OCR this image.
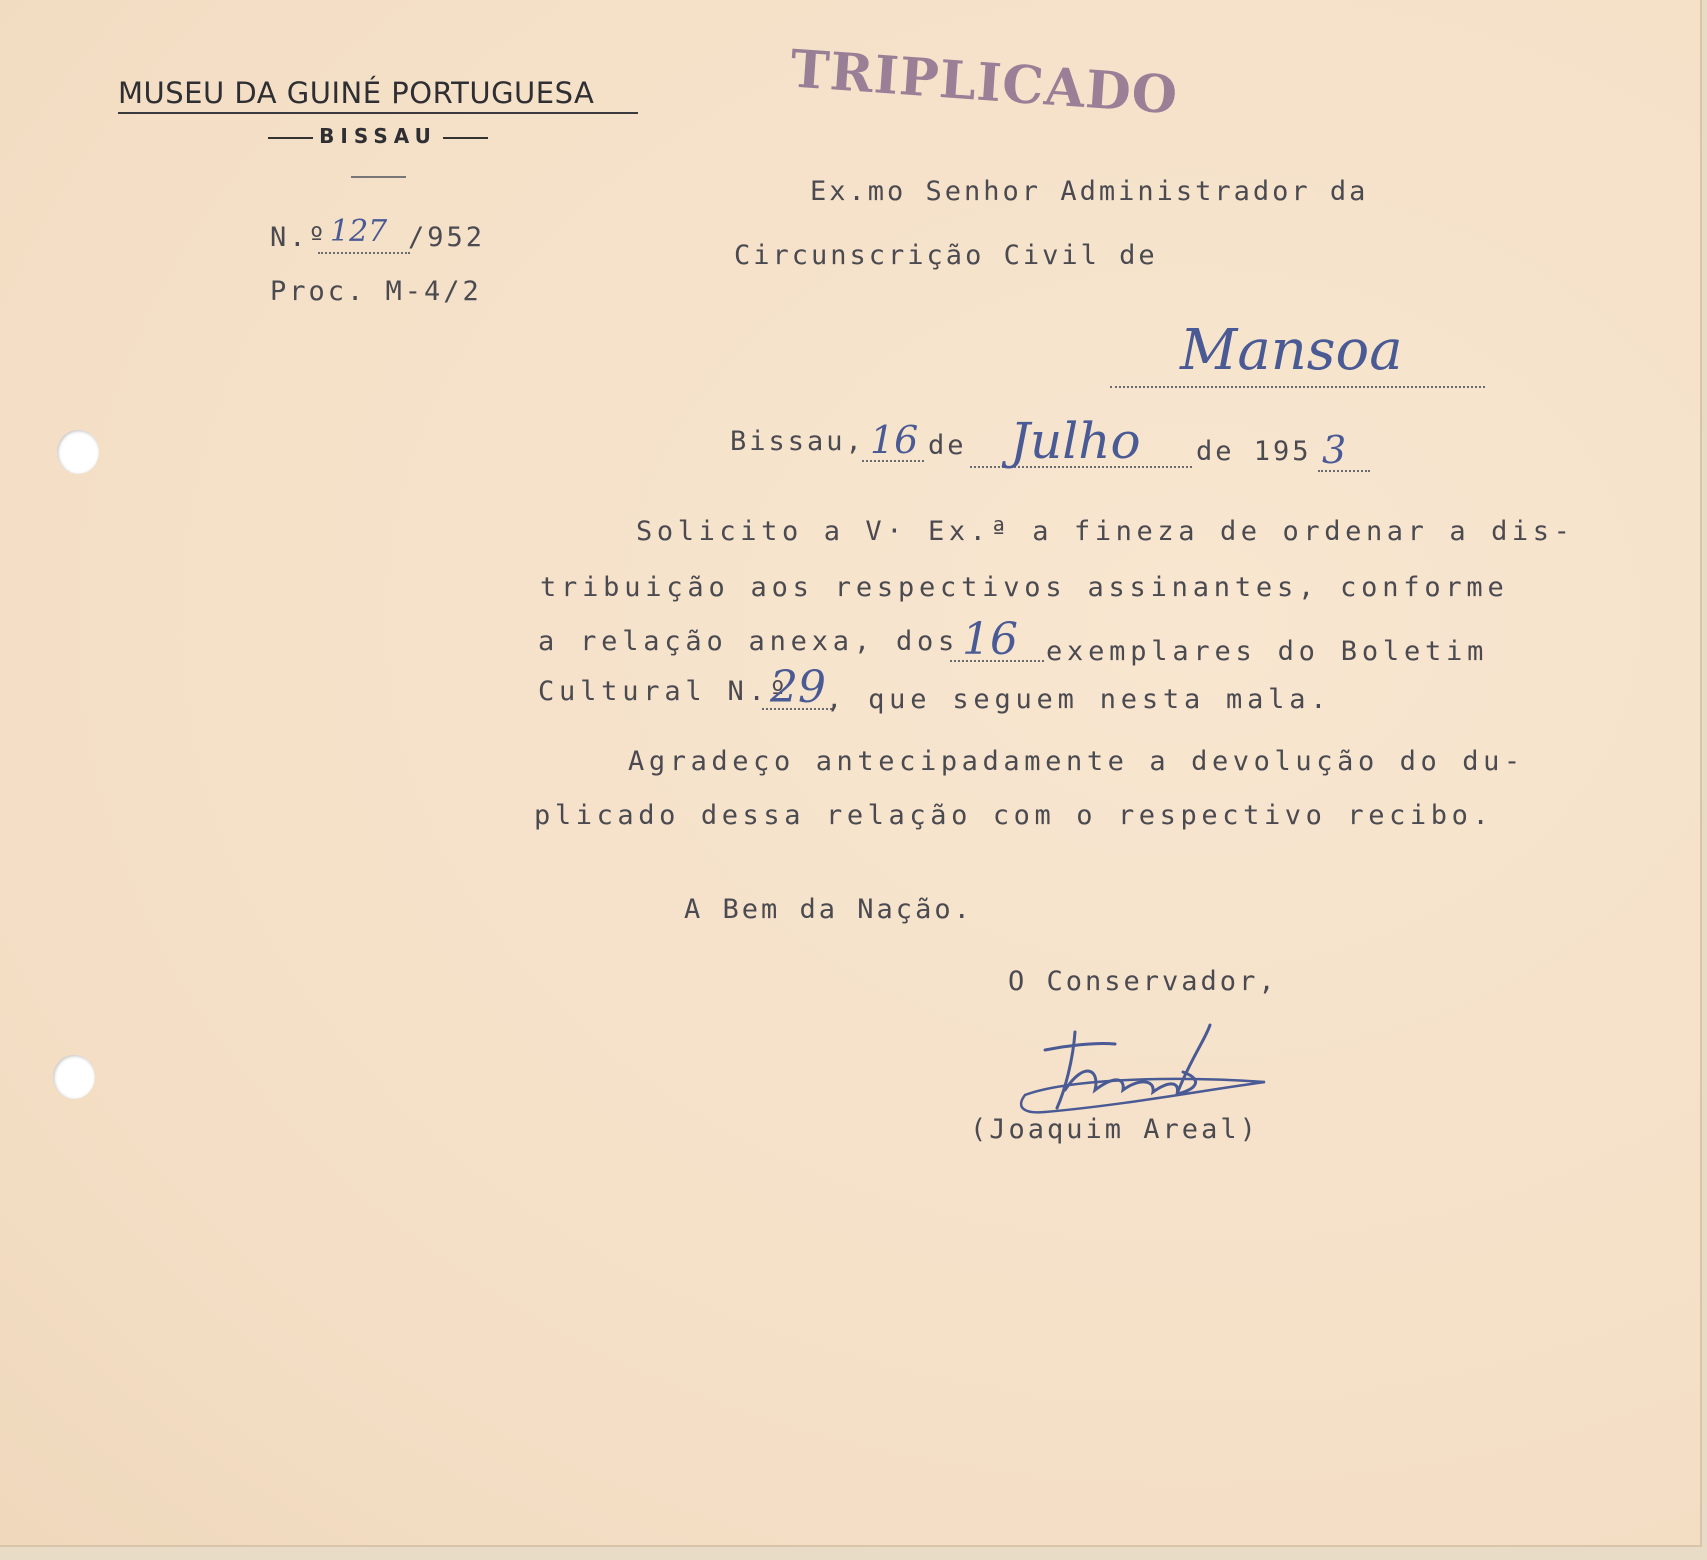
MUSEU DA GUINÉ PORTUGUESA
BISSAU
TRIPLICADO
N.º 127 /952
Proc. M-4/2
Ex.mo Senhor Administrador da
Circunscrição Civil de
Mansoa
Bissau, 16 de Julho de 195 3
Solicito a V· Ex.ª a fineza de ordenar a dis-
tribuição aos respectivos assinantes, conforme
a relação anexa, dos 16 exemplares do Boletim
Cultural N.º
29 , que seguem nesta mala.
Agradeço antecipadamente a devolução do du-
plicado dessa relação com o respectivo recibo.
A Bem da Nação.
O Conservador,
(Joaquim Areal)
